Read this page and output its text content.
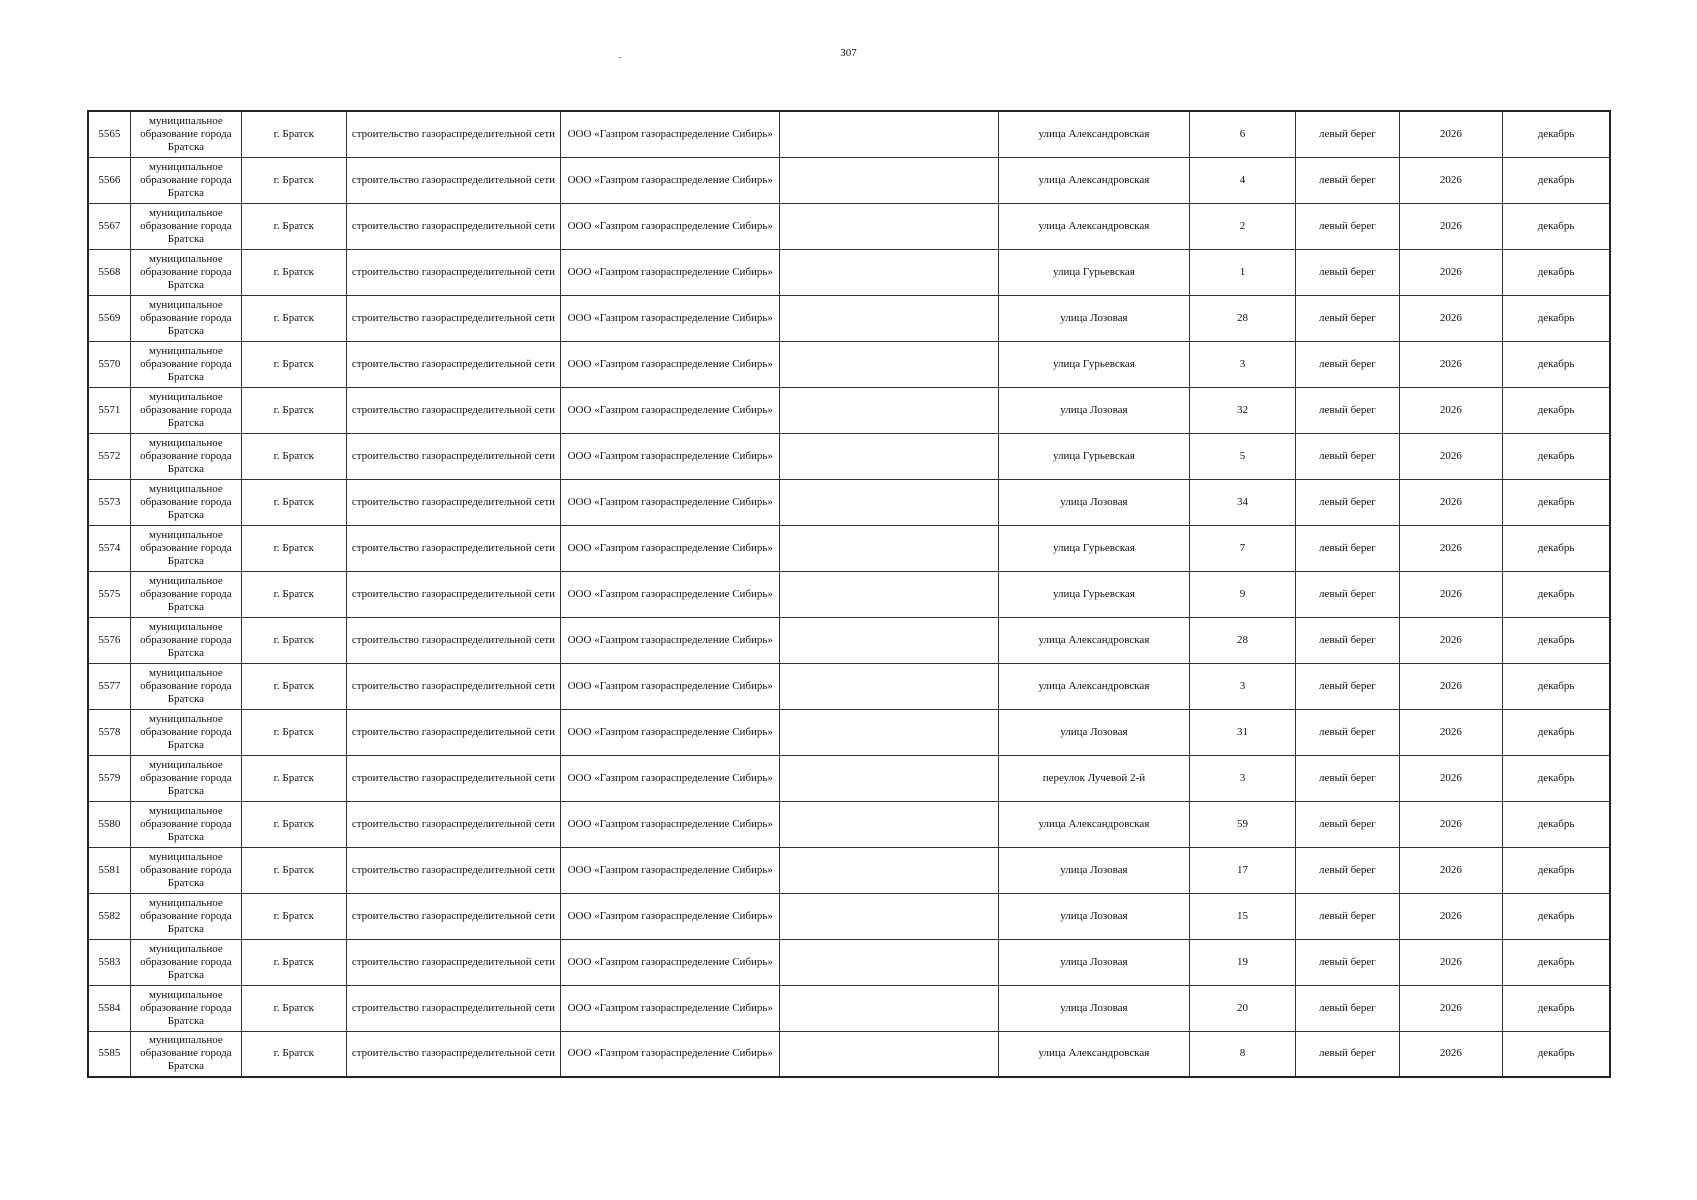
307
5565	муниципальное образование города Братска	г. Братск	строительство газораспределительной сети	ООО «Газпром газораспределение Сибирь»		улица Александровская	6	левый берег	2026	декабрь
5566	муниципальное образование города Братска	г. Братск	строительство газораспределительной сети	ООО «Газпром газораспределение Сибирь»		улица Александровская	4	левый берег	2026	декабрь
5567	муниципальное образование города Братска	г. Братск	строительство газораспределительной сети	ООО «Газпром газораспределение Сибирь»		улица Александровская	2	левый берег	2026	декабрь
5568	муниципальное образование города Братска	г. Братск	строительство газораспределительной сети	ООО «Газпром газораспределение Сибирь»		улица Гурьевская	1	левый берег	2026	декабрь
5569	муниципальное образование города Братска	г. Братск	строительство газораспределительной сети	ООО «Газпром газораспределение Сибирь»		улица Лозовая	28	левый берег	2026	декабрь
5570	муниципальное образование города Братска	г. Братск	строительство газораспределительной сети	ООО «Газпром газораспределение Сибирь»		улица Гурьевская	3	левый берег	2026	декабрь
5571	муниципальное образование города Братска	г. Братск	строительство газораспределительной сети	ООО «Газпром газораспределение Сибирь»		улица Лозовая	32	левый берег	2026	декабрь
5572	муниципальное образование города Братска	г. Братск	строительство газораспределительной сети	ООО «Газпром газораспределение Сибирь»		улица Гурьевская	5	левый берег	2026	декабрь
5573	муниципальное образование города Братска	г. Братск	строительство газораспределительной сети	ООО «Газпром газораспределение Сибирь»		улица Лозовая	34	левый берег	2026	декабрь
5574	муниципальное образование города Братска	г. Братск	строительство газораспределительной сети	ООО «Газпром газораспределение Сибирь»		улица Гурьевская	7	левый берег	2026	декабрь
5575	муниципальное образование города Братска	г. Братск	строительство газораспределительной сети	ООО «Газпром газораспределение Сибирь»		улица Гурьевская	9	левый берег	2026	декабрь
5576	муниципальное образование города Братска	г. Братск	строительство газораспределительной сети	ООО «Газпром газораспределение Сибирь»		улица Александровская	28	левый берег	2026	декабрь
5577	муниципальное образование города Братска	г. Братск	строительство газораспределительной сети	ООО «Газпром газораспределение Сибирь»		улица Александровская	3	левый берег	2026	декабрь
5578	муниципальное образование города Братска	г. Братск	строительство газораспределительной сети	ООО «Газпром газораспределение Сибирь»		улица Лозовая	31	левый берег	2026	декабрь
5579	муниципальное образование города Братска	г. Братск	строительство газораспределительной сети	ООО «Газпром газораспределение Сибирь»		переулок Лучевой 2-й	3	левый берег	2026	декабрь
5580	муниципальное образование города Братска	г. Братск	строительство газораспределительной сети	ООО «Газпром газораспределение Сибирь»		улица Александровская	59	левый берег	2026	декабрь
5581	муниципальное образование города Братска	г. Братск	строительство газораспределительной сети	ООО «Газпром газораспределение Сибирь»		улица Лозовая	17	левый берег	2026	декабрь
5582	муниципальное образование города Братска	г. Братск	строительство газораспределительной сети	ООО «Газпром газораспределение Сибирь»		улица Лозовая	15	левый берег	2026	декабрь
5583	муниципальное образование города Братска	г. Братск	строительство газораспределительной сети	ООО «Газпром газораспределение Сибирь»		улица Лозовая	19	левый берег	2026	декабрь
5584	муниципальное образование города Братска	г. Братск	строительство газораспределительной сети	ООО «Газпром газораспределение Сибирь»		улица Лозовая	20	левый берег	2026	декабрь
5585	муниципальное образование города Братска	г. Братск	строительство газораспределительной сети	ООО «Газпром газораспределение Сибирь»		улица Александровская	8	левый берег	2026	декабрь
